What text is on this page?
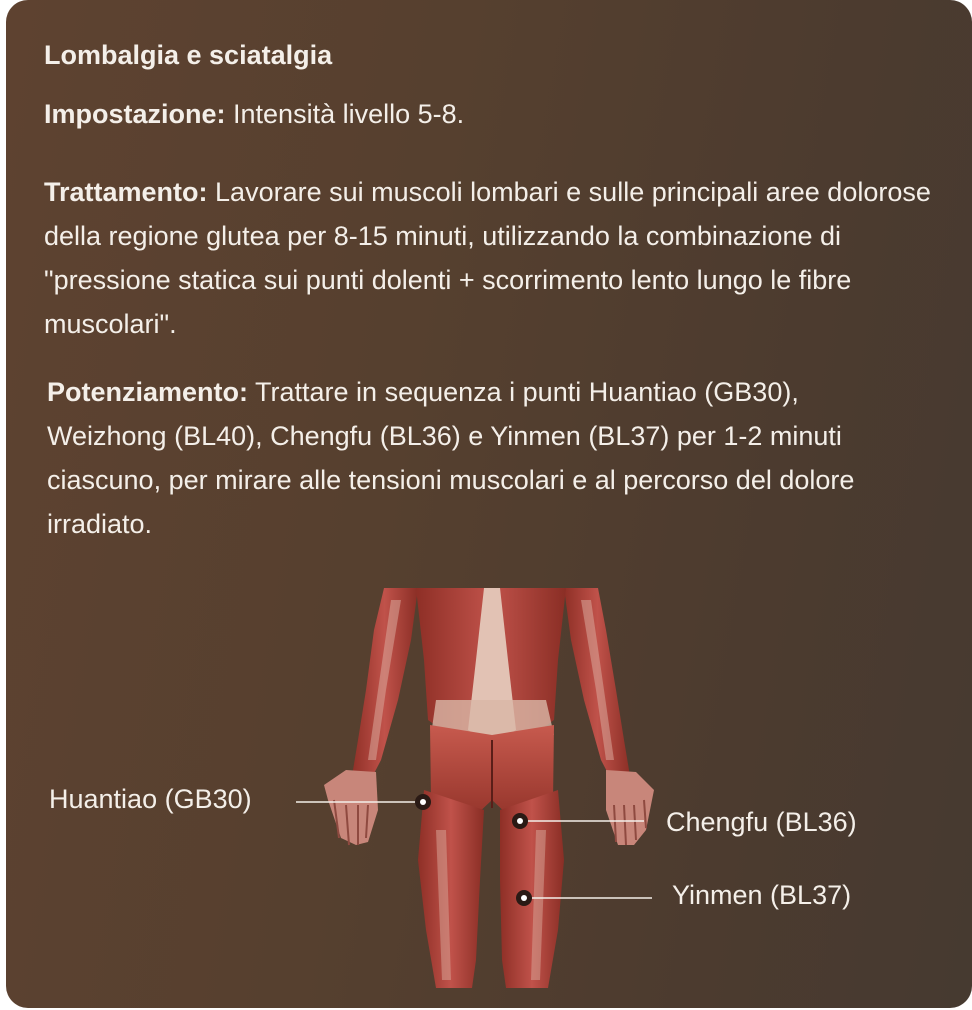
Lombalgia e sciatalgia
Impostazione: Intensità livello 5-8.
Trattamento: Lavorare sui muscoli lombari e sulle principali aree dolorose della regione glutea per 8-15 minuti, utilizzando la combinazione di "pressione statica sui punti dolenti + scorrimento lento lungo le fibre muscolari".
Potenziamento: Trattare in sequenza i punti Huantiao (GB30), Weizhong (BL40), Chengfu (BL36) e Yinmen (BL37) per 1-2 minuti ciascuno, per mirare alle tensioni muscolari e al percorso del dolore irradiato.
Huantiao (GB30)
Chengfu (BL36)
Yinmen (BL37)
